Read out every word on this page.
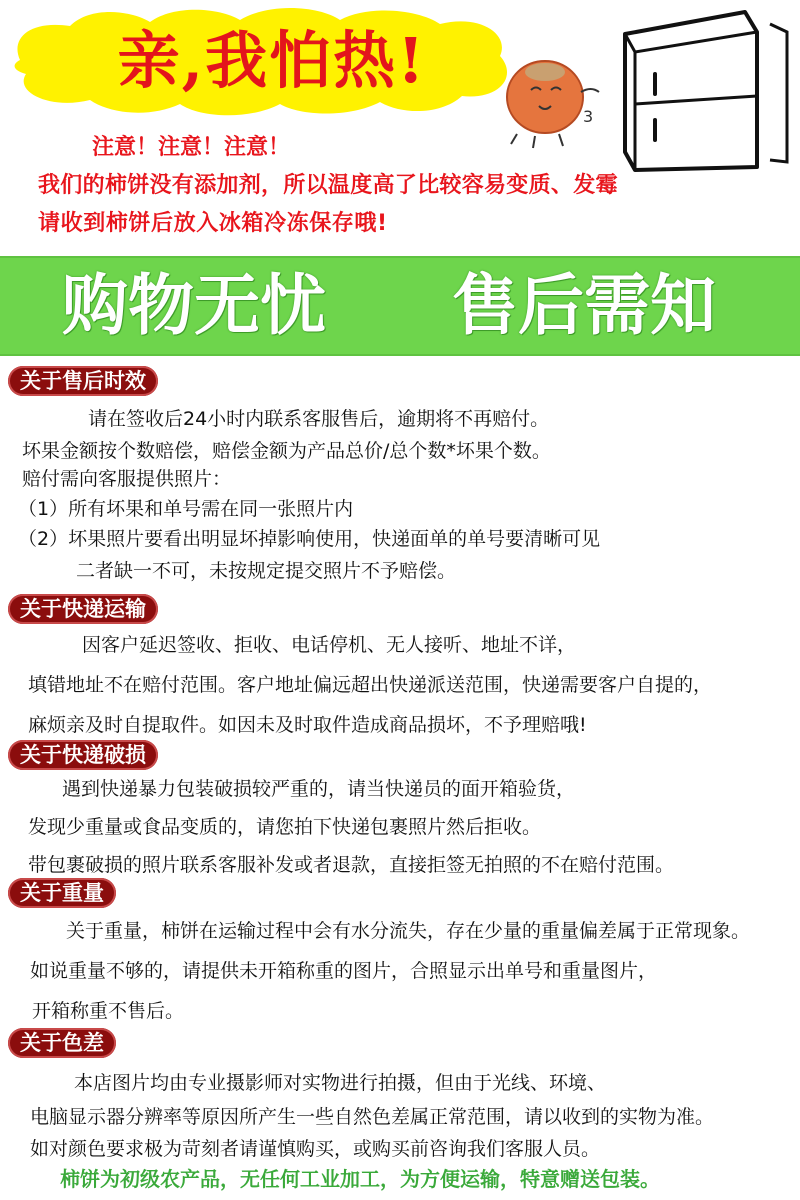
亲,我怕热!
注意！注意！注意！
我们的柿饼没有添加剂，所以温度高了比较容易变质、发霉
请收到柿饼后放入冰箱冷冻保存哦!
3
购物无忧 售后需知
关于售后时效
请在签收后24小时内联系客服售后，逾期将不再赔付。
坏果金额按个数赔偿，赔偿金额为产品总价/总个数*坏果个数。
赔付需向客服提供照片：
（1）所有坏果和单号需在同一张照片内
（2）坏果照片要看出明显坏掉影响使用，快递面单的单号要清晰可见
二者缺一不可，未按规定提交照片不予赔偿。
关于快递运输
因客户延迟签收、拒收、电话停机、无人接听、地址不详，
填错地址不在赔付范围。客户地址偏远超出快递派送范围，快递需要客户自提的，
麻烦亲及时自提取件。如因未及时取件造成商品损坏，不予理赔哦!
关于快递破损
遇到快递暴力包装破损较严重的，请当快递员的面开箱验货，
发现少重量或食品变质的，请您拍下快递包裹照片然后拒收。
带包裹破损的照片联系客服补发或者退款，直接拒签无拍照的不在赔付范围。
关于重量
关于重量，柿饼在运输过程中会有水分流失，存在少量的重量偏差属于正常现象。
如说重量不够的，请提供未开箱称重的图片，合照显示出单号和重量图片，
开箱称重不售后。
关于色差
本店图片均由专业摄影师对实物进行拍摄，但由于光线、环境、
电脑显示器分辨率等原因所产生一些自然色差属正常范围，请以收到的实物为准。
如对颜色要求极为苛刻者请谨慎购买，或购买前咨询我们客服人员。
柿饼为初级农产品，无任何工业加工，为方便运输，特意赠送包装。
